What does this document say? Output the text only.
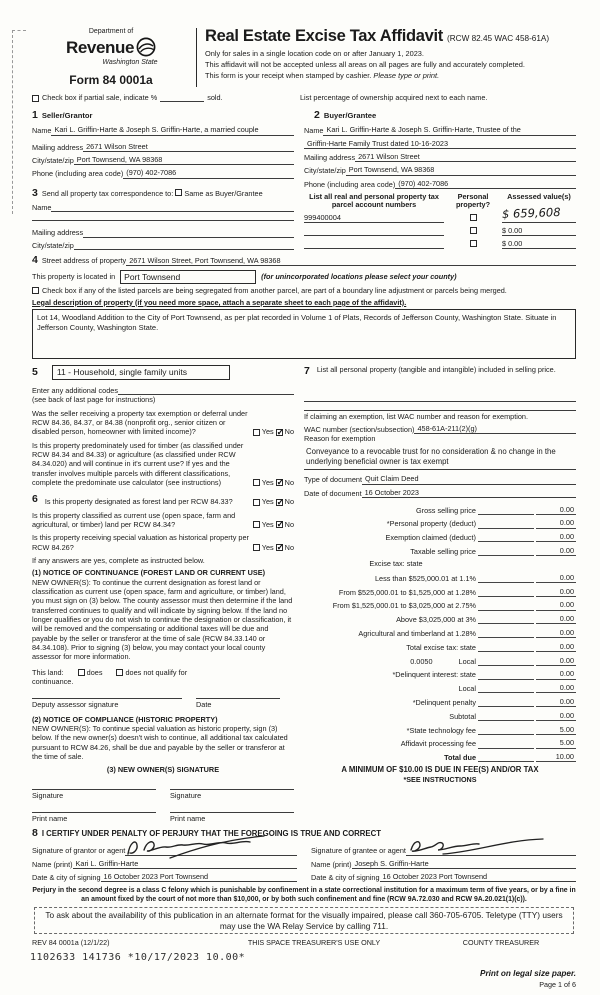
Department of
Revenue
Washington State
Form 84 0001a
Real Estate Excise Tax Affidavit (RCW 82.45 WAC 458-61A)
Only for sales in a single location code on or after January 1, 2023.
This affidavit will not be accepted unless all areas on all pages are fully and accurately completed.
This form is your receipt when stamped by cashier. Please type or print.
Check box if partial sale, indicate %	sold.	List percentage of ownership acquired next to each name.
1 Seller/Grantor
Name Kari L. Griffin-Harte & Joseph S. Griffin-Harte, a married couple
Mailing address 2671 Wilson Street
City/state/zip Port Townsend, WA 98368
Phone (including area code) (970) 402-7086
3 Send all property tax correspondence to:

Same as Buyer/Grantee
Name
Mailing address
City/state/zip
2 Buyer/Grantee
Name Kari L. Griffin-Harte & Joseph S. Griffin-Harte, Trustee of the
Griffin-Harte Family Trust dated 10-16-2023
Mailing address 2671 Wilson Street
City/state/zip Port Townsend, WA 98368
Phone (including area code) (970) 402-7086
List all real and personal property tax parcel account numbers
Personal property?
Assessed value(s)
999400004	$ 659,608
$ 0.00
$ 0.00
4 Street address of property 2671 Wilson Street, Port Townsend, WA 98368
This property is located in	Port Townsend	(for unincorporated locations please select your county)
Check box if any of the listed parcels are being segregated from another parcel, are part of a boundary line adjustment or parcels being merged.
Legal description of property (if you need more space, attach a separate sheet to each page of the affidavit).
Lot 14, Woodland Addition to the City of Port Townsend, as per plat recorded in Volume 1 of Plats, Records of Jefferson County, Washington State. Situate in Jefferson County, Washington State.
5	11 - Household, single family units
Enter any additional codes
(see back of last page for instructions)
Was the seller receiving a property tax exemption or deferral under RCW 84.36, 84.37, or 84.38 (nonprofit org., senior citizen or disabled person, homeowner with limited income)?	Yes ✓ No
Is this property predominately used for timber (as classified under RCW 84.34 and 84.33) or agriculture (as classified under RCW 84.34.020) and will continue in it's current use? If yes and the transfer involves multiple parcels with different classifications, complete the predominate use calculator (see instructions)	Yes ✓ No
6 Is this property designated as forest land per RCW 84.33?	Yes ✓ No
Is this property classified as current use (open space, farm and agricultural, or timber) land per RCW 84.34?	Yes ✓ No
Is this property receiving special valuation as historical property per RCW 84.26?	Yes ✓ No
If any answers are yes, complete as instructed below.
(1) NOTICE OF CONTINUANCE (FOREST LAND OR CURRENT USE)
NEW OWNER(S): To continue the current designation as forest land or classification as current use (open space, farm and agriculture, or timber) land, you must sign on (3) below. The county assessor must then determine if the land transferred continues to qualify and will indicate by signing below. If the land no longer qualifies or you do not wish to continue the designation or classification, it will be removed and the compensating or additional taxes will be due and payable by the seller or transferor at the time of sale (RCW 84.33.140 or 84.34.108). Prior to signing (3) below, you may contact your local county assessor for more information.
This land:	does	does not qualify for
continuance.
Deputy assessor signature	Date
(2) NOTICE OF COMPLIANCE (HISTORIC PROPERTY)
NEW OWNER(S): To continue special valuation as historic property, sign (3) below. If the new owner(s) doesn't wish to continue, all additional tax calculated pursuant to RCW 84.26, shall be due and payable by the seller or transferor at the time of sale.
(3) NEW OWNER(S) SIGNATURE
Signature	Signature
Print name	Print name
7 List all personal property (tangible and intangible) included in selling price.
If claiming an exemption, list WAC number and reason for exemption.
WAC number (section/subsection) 458-61A-211(2)(g)
Reason for exemption
Conveyance to a revocable trust for no consideration & no change in the underlying beneficial owner is tax exempt
Type of document Quit Claim Deed
Date of document 16 October 2023
Gross selling price	0.00
*Personal property (deduct)	0.00
Exemption claimed (deduct)	0.00
Taxable selling price	0.00
Excise tax: state
Less than $525,000.01 at 1.1%	0.00
From $525,000.01 to $1,525,000 at 1.28%	0.00
From $1,525,000.01 to $3,025,000 at 2.75%	0.00
Above $3,025,000 at 3%	0.00
Agricultural and timberland at 1.28%	0.00
Total excise tax: state	0.00
0.0050	Local	0.00
*Delinquent interest: state	0.00
Local	0.00
*Delinquent penalty	0.00
Subtotal	0.00
*State technology fee	5.00
Affidavit processing fee	5.00
Total due	10.00
A MINIMUM OF $10.00 IS DUE IN FEE(S) AND/OR TAX
*SEE INSTRUCTIONS
8 I CERTIFY UNDER PENALTY OF PERJURY THAT THE FOREGOING IS TRUE AND CORRECT
Signature of grantor or agent
Name (print) Kari L. Griffin-Harte
Date & city of signing 16 October 2023 Port Townsend
Signature of grantee or agent
Name (print) Joseph S. Griffin-Harte
Date & city of signing 16 October 2023 Port Townsend
Perjury in the second degree is a class C felony which is punishable by confinement in a state correctional institution for a maximum term of five years, or by a fine in an amount fixed by the court of not more than $10,000, or by both such confinement and fine (RCW 9A.72.030 and RCW 9A.20.021(1)(c)).
To ask about the availability of this publication in an alternate format for the visually impaired, please call 360-705-6705. Teletype (TTY) users may use the WA Relay Service by calling 711.
REV 84 0001a (12/1/22)	THIS SPACE TREASURER'S USE ONLY	COUNTY TREASURER
Print on legal size paper.
Page 1 of 6
1102633 141736 *10/17/2023 10.00*
